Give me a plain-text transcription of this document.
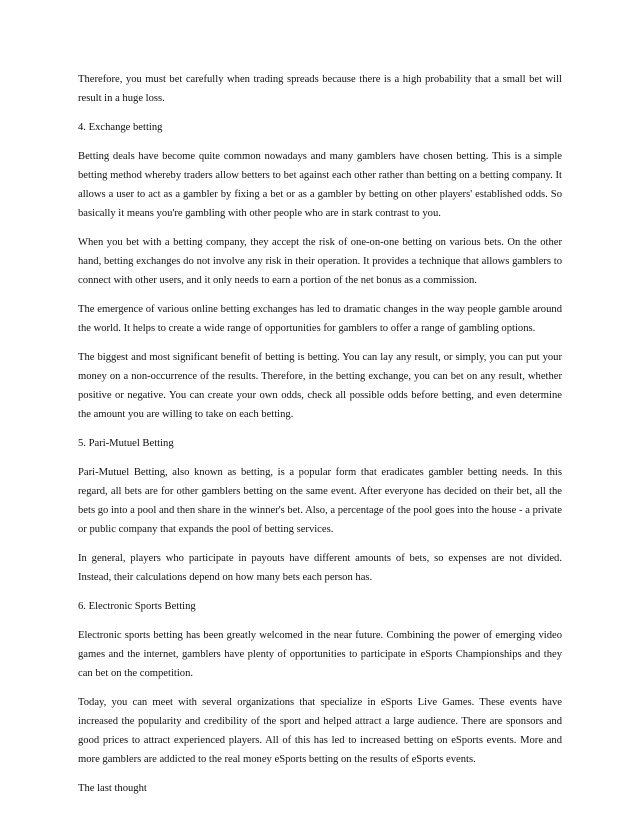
Therefore, you must bet carefully when trading spreads because there is a high probability that a small bet will result in a huge loss.

4. Exchange betting

Betting deals have become quite common nowadays and many gamblers have chosen betting. This is a simple betting method whereby traders allow betters to bet against each other rather than betting on a betting company. It allows a user to act as a gambler by fixing a bet or as a gambler by betting on other players' established odds. So basically it means you're gambling with other people who are in stark contrast to you.

When you bet with a betting company, they accept the risk of one-on-one betting on various bets. On the other hand, betting exchanges do not involve any risk in their operation. It provides a technique that allows gamblers to connect with other users, and it only needs to earn a portion of the net bonus as a commission.

The emergence of various online betting exchanges has led to dramatic changes in the way people gamble around the world. It helps to create a wide range of opportunities for gamblers to offer a range of gambling options.

The biggest and most significant benefit of betting is betting. You can lay any result, or simply, you can put your money on a non-occurrence of the results. Therefore, in the betting exchange, you can bet on any result, whether positive or negative. You can create your own odds, check all possible odds before betting, and even determine the amount you are willing to take on each betting.

5. Pari-Mutuel Betting

Pari-Mutuel Betting, also known as betting, is a popular form that eradicates gambler betting needs. In this regard, all bets are for other gamblers betting on the same event. After everyone has decided on their bet, all the bets go into a pool and then share in the winner's bet. Also, a percentage of the pool goes into the house - a private or public company that expands the pool of betting services.

In general, players who participate in payouts have different amounts of bets, so expenses are not divided. Instead, their calculations depend on how many bets each person has.

6. Electronic Sports Betting

Electronic sports betting has been greatly welcomed in the near future. Combining the power of emerging video games and the internet, gamblers have plenty of opportunities to participate in eSports Championships and they can bet on the competition.

Today, you can meet with several organizations that specialize in eSports Live Games. These events have increased the popularity and credibility of the sport and helped attract a large audience. There are sponsors and good prices to attract experienced players. All of this has led to increased betting on eSports events. More and more gamblers are addicted to the real money eSports betting on the results of eSports events.

The last thought
